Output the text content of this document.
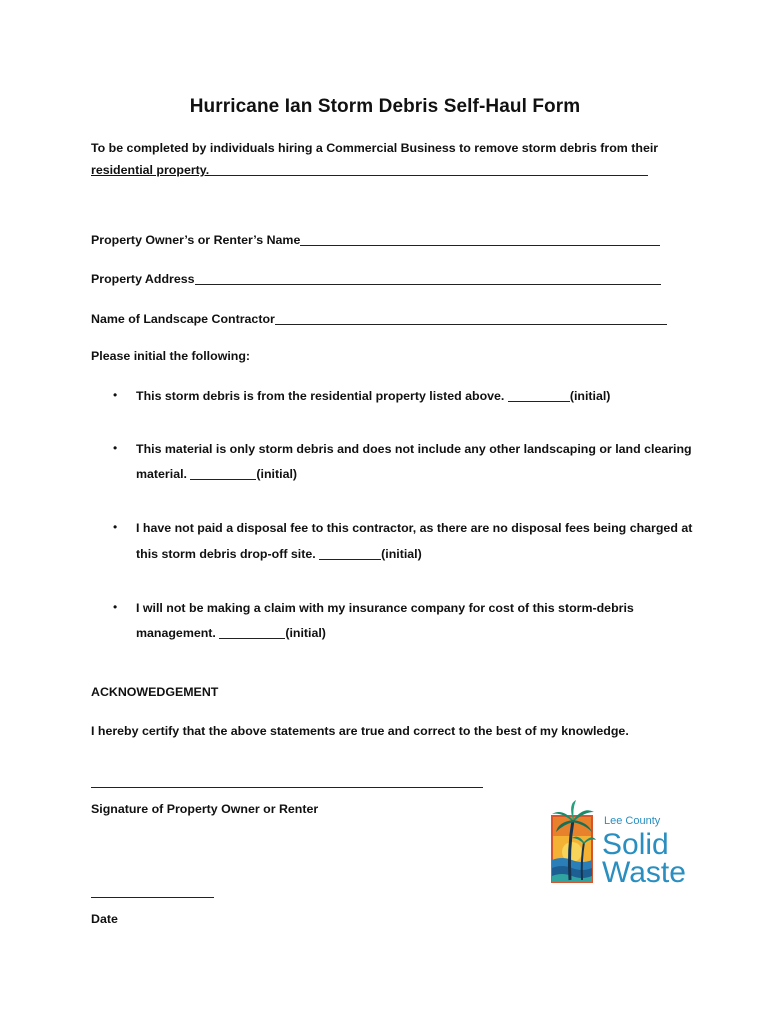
Hurricane Ian Storm Debris Self-Haul Form
To be completed by individuals hiring a Commercial Business to remove storm debris from their
residential property.
Property Owner’s or Renter’s Name
Property Address
Name of Landscape Contractor
Please initial the following:
• This storm debris is from the residential property listed above.	(initial)
• This material is only storm debris and does not include any other landscaping or land clearing
material.	(initial)
• I have not paid a disposal fee to this contractor, as there are no disposal fees being charged at
this storm debris drop-off site.	(initial)
• I will not be making a claim with my insurance company for cost of this storm-debris
management.	(initial)
ACKNOWEDGEMENT
I hereby certify that the above statements are true and correct to the best of my knowledge.
Signature of Property Owner or Renter
Date
Lee County
Solid
Waste
